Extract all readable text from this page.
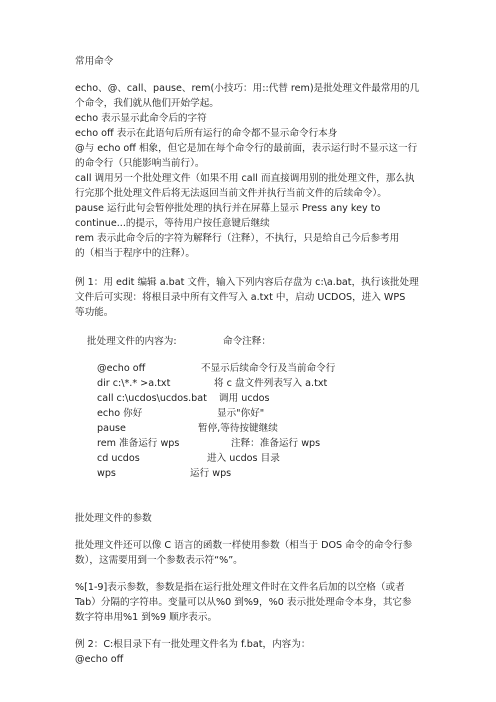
常用命令

echo、@、call、pause、rem(小技巧：用::代替 rem)是批处理文件最常用的几

个命令，我们就从他们开始学起。

echo 表示显示此命令后的字符

echo off 表示在此语句后所有运行的命令都不显示命令行本身

@与 echo off 相象，但它是加在每个命令行的最前面，表示运行时不显示这一行

的命令行（只能影响当前行）。

call 调用另一个批处理文件（如果不用 call 而直接调用别的批处理文件，那么执

行完那个批处理文件后将无法返回当前文件并执行当前文件的后续命令）。

pause 运行此句会暂停批处理的执行并在屏幕上显示 Press any key to

continue...的提示，等待用户按任意键后继续

rem 表示此命令后的字符为解释行（注释），不执行，只是给自己今后参考用

的（相当于程序中的注释）。

例 1：用 edit 编辑 a.bat 文件，输入下列内容后存盘为 c:\a.bat，执行该批处理

文件后可实现：将根目录中所有文件写入 a.txt 中，启动 UCDOS，进入 WPS

等功能。

批处理文件的内容为:	命令注释：
@echo off	不显示后续命令行及当前命令行
dir c:\*.* >a.txt	将 c 盘文件列表写入 a.txt
call c:\ucdos\ucdos.bat 调用 ucdos
echo 你好	显示"你好"
pause	暂停,等待按键继续
rem 准备运行 wps	注释：准备运行 wps
cd ucdos	进入 ucdos 目录
wps	运行 wps

批处理文件的参数

批处理文件还可以像 C 语言的函数一样使用参数（相当于 DOS 命令的命令行参

数），这需要用到一个参数表示符“%”。

%[1-9]表示参数，参数是指在运行批处理文件时在文件名后加的以空格（或者

Tab）分隔的字符串。变量可以从%0 到%9，%0 表示批处理命令本身，其它参

数字符串用%1 到%9 顺序表示。

例 2：C:根目录下有一批处理文件名为 f.bat，内容为：

@echo off
